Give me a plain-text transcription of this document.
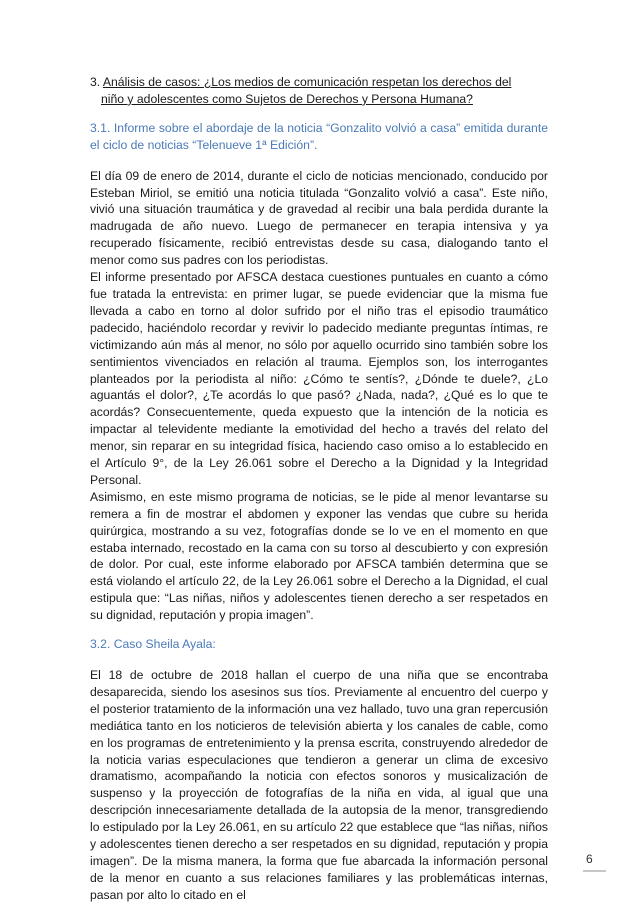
3. Análisis de casos: ¿Los medios de comunicación respetan los derechos del
niño y adolescentes como Sujetos de Derechos y Persona Humana?

3.1. Informe sobre el abordaje de la noticia “Gonzalito volvió a casa” emitida durante el ciclo de noticias “Telenueve 1ª Edición”.

El día 09 de enero de 2014, durante el ciclo de noticias mencionado, conducido por Esteban Miriol, se emitió una noticia titulada “Gonzalito volvió a casa”. Este niño, vivió una situación traumática y de gravedad al recibir una bala perdida durante la madrugada de año nuevo. Luego de permanecer en terapia intensiva y ya recuperado físicamente, recibió entrevistas desde su casa, dialogando tanto el menor como sus padres con los periodistas.

El informe presentado por AFSCA destaca cuestiones puntuales en cuanto a cómo fue tratada la entrevista: en primer lugar, se puede evidenciar que la misma fue llevada a cabo en torno al dolor sufrido por el niño tras el episodio traumático padecido, haciéndolo recordar y revivir lo padecido mediante preguntas íntimas, re victimizando aún más al menor, no sólo por aquello ocurrido sino también sobre los sentimientos vivenciados en relación al trauma. Ejemplos son, los interrogantes planteados por la periodista al niño: ¿Cómo te sentís?, ¿Dónde te duele?, ¿Lo aguantás el dolor?, ¿Te acordás lo que pasó? ¿Nada, nada?, ¿Qué es lo que te acordás? Consecuentemente, queda expuesto que la intención de la noticia es impactar al televidente mediante la emotividad del hecho a través del relato del menor, sin reparar en su integridad física, haciendo caso omiso a lo establecido en el Artículo 9°, de la Ley 26.061 sobre el Derecho a la Dignidad y la Integridad Personal.

Asimismo, en este mismo programa de noticias, se le pide al menor levantarse su remera a fin de mostrar el abdomen y exponer las vendas que cubre su herida quirúrgica, mostrando a su vez, fotografías donde se lo ve en el momento en que estaba internado, recostado en la cama con su torso al descubierto y con expresión de dolor. Por cual, este informe elaborado por AFSCA también determina que se está violando el artículo 22, de la Ley 26.061 sobre el Derecho a la Dignidad, el cual estipula que: “Las niñas, niños y adolescentes tienen derecho a ser respetados en su dignidad, reputación y propia imagen”.

3.2. Caso Sheila Ayala:

El 18 de octubre de 2018 hallan el cuerpo de una niña que se encontraba desaparecida, siendo los asesinos sus tíos. Previamente al encuentro del cuerpo y el posterior tratamiento de la información una vez hallado, tuvo una gran repercusión mediática tanto en los noticieros de televisión abierta y los canales de cable, como en los programas de entretenimiento y la prensa escrita, construyendo alrededor de la noticia varias especulaciones que tendieron a generar un clima de excesivo dramatismo, acompañando la noticia con efectos sonoros y musicalización de suspenso y la proyección de fotografías de la niña en vida, al igual que una descripción innecesariamente detallada de la autopsia de la menor, transgrediendo lo estipulado por la Ley 26.061, en su artículo 22 que establece que “las niñas, niños y adolescentes tienen derecho a ser respetados en su dignidad, reputación y propia imagen”. De la misma manera, la forma que fue abarcada la información personal de la menor en cuanto a sus relaciones familiares y las problemáticas internas, pasan por alto lo citado en el

6
